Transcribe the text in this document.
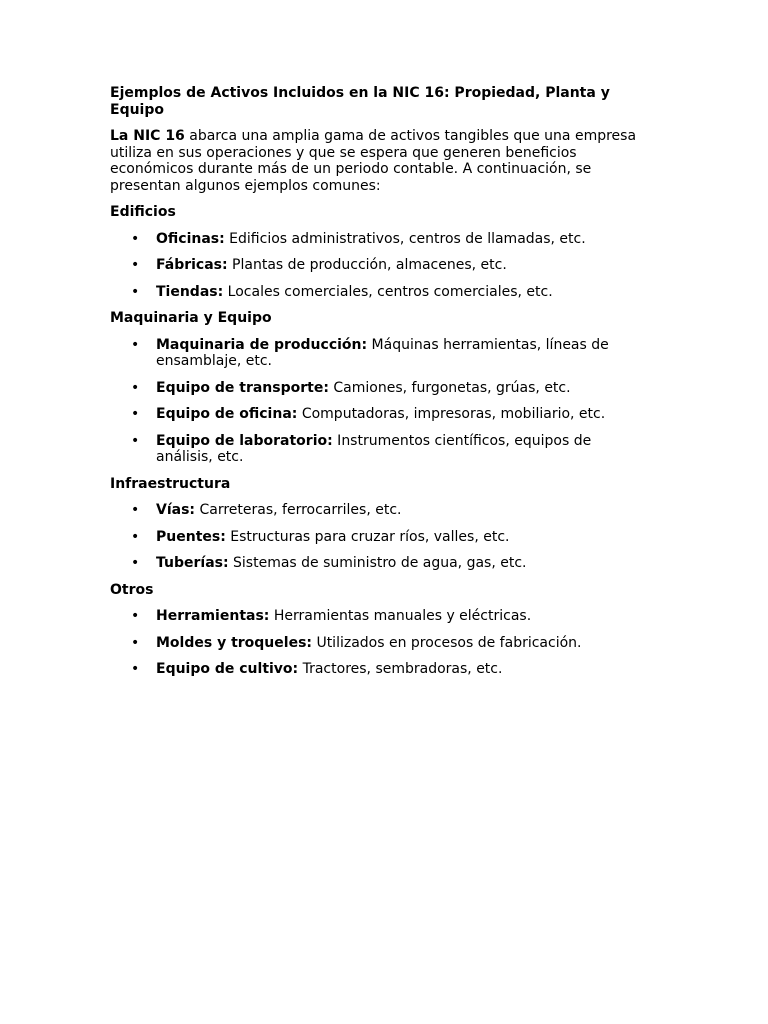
Ejemplos de Activos Incluidos en la NIC 16: Propiedad, Planta y Equipo

La NIC 16 abarca una amplia gama de activos tangibles que una empresa utiliza en sus operaciones y que se espera que generen beneficios económicos durante más de un periodo contable. A continuación, se presentan algunos ejemplos comunes:

Edificios
• Oficinas: Edificios administrativos, centros de llamadas, etc.
• Fábricas: Plantas de producción, almacenes, etc.
• Tiendas: Locales comerciales, centros comerciales, etc.
Maquinaria y Equipo
• Maquinaria de producción: Máquinas herramientas, líneas de ensamblaje, etc.
• Equipo de transporte: Camiones, furgonetas, grúas, etc.
• Equipo de oficina: Computadoras, impresoras, mobiliario, etc.
• Equipo de laboratorio: Instrumentos científicos, equipos de análisis, etc.
Infraestructura
• Vías: Carreteras, ferrocarriles, etc.
• Puentes: Estructuras para cruzar ríos, valles, etc.
• Tuberías: Sistemas de suministro de agua, gas, etc.
Otros
• Herramientas: Herramientas manuales y eléctricas.
• Moldes y troqueles: Utilizados en procesos de fabricación.
• Equipo de cultivo: Tractores, sembradoras, etc.
